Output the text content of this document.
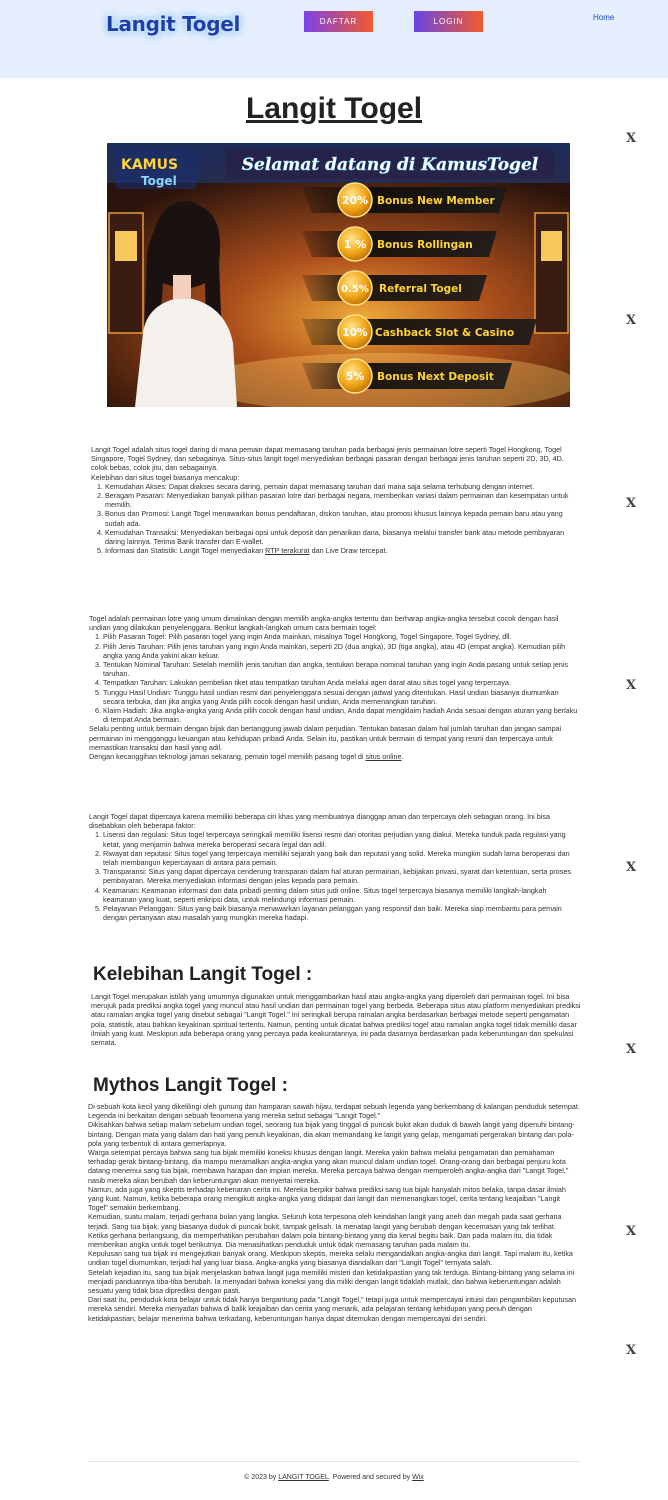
Langit Togel	DAFTAR	LOGIN	Home
Langit Togel
KAMUS
Togel
Selamat datang di KamusTogel
20% Bonus New Member
1 % Bonus Rollingan
0.5% Referral Togel
10% Cashback Slot & Casino
5% Bonus Next Deposit
X
X
X
X
X
X
X
X

Langit Togel adalah situs togel daring di mana pemain dapat memasang taruhan pada berbagai jenis permainan lotre seperti Togel Hongkong, Togel Singapore, Togel Sydney, dan sebagainya. Situs-situs langit togel menyediakan berbagai pasaran dengan berbagai jenis taruhan seperti 2D, 3D, 4D, colok bebas, colok jitu, dan sebagainya.

Kelebihan dari situs togel biasanya mencakup:

1. Kemudahan Akses: Dapat diakses secara daring, pemain dapat memasang taruhan dari mana saja selama terhubung dengan internet.
2. Beragam Pasaran: Menyediakan banyak pilihan pasaran lotre dari berbagai negara, memberikan variasi dalam permainan dan kesempatan untuk memilih.
3. Bonus dan Promosi: Langit Togel menawarkan bonus pendaftaran, diskon taruhan, atau promosi khusus lainnya kepada pemain baru atau yang sudah ada.
4. Kemudahan Transaksi: Menyediakan berbagai opsi untuk deposit dan penarikan dana, biasanya melalui transfer bank atau metode pembayaran daring lainnya. Terima Bank transfer dan E-wallet.
5. Informasi dan Statistik: Langit Togel menyediakan RTP terakurat dan Live Draw tercepat.

Togel adalah permainan lotre yang umum dimainkan dengan memilih angka-angka tertentu dan berharap angka-angka tersebut cocok dengan hasil undian yang dilakukan penyelenggara. Berikut langkah-langkah umum cara bermain togel:

1. Pilih Pasaran Togel: Pilih pasaran togel yang ingin Anda mainkan, misalnya Togel Hongkong, Togel Singapore, Togel Sydney, dll.
2. Pilih Jenis Taruhan: Pilih jenis taruhan yang ingin Anda mainkan, seperti 2D (dua angka), 3D (tiga angka), atau 4D (empat angka). Kemudian pilih angka yang Anda yakini akan keluar.
3. Tentukan Nominal Taruhan: Setelah memilih jenis taruhan dan angka, tentukan berapa nominal taruhan yang ingin Anda pasang untuk setiap jenis taruhan.
4. Tempatkan Taruhan: Lakukan pembelian tiket atau tempatkan taruhan Anda melalui agen darat atau situs togel yang terpercaya.
5. Tunggu Hasil Undian: Tunggu hasil undian resmi dari penyelenggara sesuai dengan jadwal yang ditentukan. Hasil undian biasanya diumumkan secara terbuka, dan jika angka yang Anda pilih cocok dengan hasil undian, Anda memenangkan taruhan.
6. Klaim Hadiah: Jika angka-angka yang Anda pilih cocok dengan hasil undian, Anda dapat mengklaim hadiah Anda sesuai dengan aturan yang berlaku di tempat Anda bermain.

Selalu penting untuk bermain dengan bijak dan bertanggung jawab dalam perjudian. Tentukan batasan dalam hal jumlah taruhan dan jangan sampai permainan ini mengganggu keuangan atau kehidupan pribadi Anda. Selain itu, pastikan untuk bermain di tempat yang resmi dan terpercaya untuk memastikan transaksi dan hasil yang adil.

Dengan kecanggihan teknologi jaman sekarang, pemain togel memilih pasang togel di situs online.

Langit Togel dapat dipercaya karena memiliki beberapa ciri khas yang membuatnya dianggap aman dan terpercaya oleh sebagian orang. Ini bisa disebabkan oleh beberapa faktor:

1. Lisensi dan regulasi: Situs togel terpercaya seringkali memiliki lisensi resmi dari otoritas perjudian yang diakui. Mereka tunduk pada regulasi yang ketat, yang menjamin bahwa mereka beroperasi secara legal dan adil.
2. Riwayat dan reputasi: Situs togel yang terpercaya memiliki sejarah yang baik dan reputasi yang solid. Mereka mungkin sudah lama beroperasi dan telah membangun kepercayaan di antara para pemain.
3. Transparansi: Situs yang dapat dipercaya cenderung transparan dalam hal aturan permainan, kebijakan privasi, syarat dan ketentuan, serta proses pembayaran. Mereka menyediakan informasi dengan jelas kepada para pemain.
4. Keamanan: Keamanan informasi dan data pribadi penting dalam situs judi online. Situs togel terpercaya biasanya memiliki langkah-langkah keamanan yang kuat, seperti enkripsi data, untuk melindungi informasi pemain.
5. Pelayanan Pelanggan: Situs yang baik biasanya menawarkan layanan pelanggan yang responsif dan baik. Mereka siap membantu para pemain dengan pertanyaan atau masalah yang mungkin mereka hadapi.
Kelebihan Langit Togel :

Langit Togel merupakan istilah yang umumnya digunakan untuk menggambarkan hasil atau angka-angka yang diperoleh dari permainan togel. Ini bisa merujuk pada prediksi angka togel yang muncul atau hasil undian dari permainan togel yang berbeda. Beberapa situs atau platform menyediakan prediksi atau ramalan angka togel yang disebut sebagai "Langit Togel." Ini seringkali berupa ramalan angka berdasarkan berbagai metode seperti pengamatan pola, statistik, atau bahkan keyakinan spiritual tertentu. Namun, penting untuk dicatat bahwa prediksi togel atau ramalan angka togel tidak memiliki dasar ilmiah yang kuat. Meskipun ada beberapa orang yang percaya pada keakuratannya, ini pada dasarnya berdasarkan pada keberuntungan dan spekulasi semata.

Mythos Langit Togel :

Di sebuah kota kecil yang dikelilingi oleh gunung dan hamparan sawah hijau, terdapat sebuah legenda yang berkembang di kalangan penduduk setempat. Legenda ini berkaitan dengan sebuah fenomena yang mereka sebut sebagai "Langit Togel."

Dikisahkan bahwa setiap malam sebelum undian togel, seorang tua bijak yang tinggal di puncak bukit akan duduk di bawah langit yang dipenuhi bintang-bintang. Dengan mata yang dalam dan hati yang penuh keyakinan, dia akan memandang ke langit yang gelap, mengamati pergerakan bintang dan pola-pola yang terbentuk di antara gemerlapnya.

Warga setempat percaya bahwa sang tua bijak memiliki koneksi khusus dengan langit. Mereka yakin bahwa melalui pengamatan dan pemahaman terhadap gerak bintang-bintang, dia mampu meramalkan angka-angka yang akan muncul dalam undian togel. Orang-orang dari berbagai penjuru kota datang menemui sang tua bijak, membawa harapan dan impian mereka. Mereka percaya bahwa dengan memperoleh angka-angka dari "Langit Togel," nasib mereka akan berubah dan keberuntungan akan menyertai mereka.

Namun, ada juga yang skeptis terhadap kebenaran cerita ini. Mereka berpikir bahwa prediksi sang tua bijak hanyalah mitos belaka, tanpa dasar ilmiah yang kuat. Namun, ketika beberapa orang mengikuti angka-angka yang didapat dari langit dan memenangkan togel, cerita tentang keajaiban "Langit Togel" semakin berkembang.

Kemudian, suatu malam, terjadi gerhana bulan yang langka. Seluruh kota terpesona oleh keindahan langit yang aneh dan megah pada saat gerhana terjadi. Sang tua bijak, yang biasanya duduk di puncak bukit, tampak gelisah. Ia menatap langit yang berubah dengan kecemasan yang tak terlihat.

Ketika gerhana berlangsung, dia memperhatikan perubahan dalam pola bintang-bintang yang dia kenal begitu baik. Dan pada malam itu, dia tidak memberikan angka untuk togel berikutnya. Dia menasihatkan penduduk untuk tidak memasang taruhan pada malam itu.

Kepulusan sang tua bijak ini mengejutkan banyak orang. Meskipun skeptis, mereka selalu mengandalkan angka-angka dari langit. Tapi malam itu, ketika undian togel diumumkan, terjadi hal yang luar biasa. Angka-angka yang biasanya diandalkan dari "Langit Togel" ternyata salah.

Setelah kejadian itu, sang tua bijak menjelaskan bahwa langit juga memiliki misteri dan ketidakpastian yang tak terduga. Bintang-bintang yang selama ini menjadi panduannya tiba-tiba berubah. Ia menyadari bahwa koneksi yang dia miliki dengan langit tidaklah mutlak, dan bahwa keberuntungan adalah sesuatu yang tidak bisa diprediksi dengan pasti.

Dari saat itu, penduduk kota belajar untuk tidak hanya bergantung pada "Langit Togel," tetapi juga untuk mempercayai intuisi dan pengambilan keputusan mereka sendiri. Mereka menyadari bahwa di balik keajaiban dan cerita yang menarik, ada pelajaran tentang kehidupan yang penuh dengan ketidakpastian, belajar menerima bahwa terkadang, keberuntungan hanya dapat ditemukan dengan mempercayai diri sendiri.

© 2023 by LANGIT TOGEL. Powered and secured by Wix
